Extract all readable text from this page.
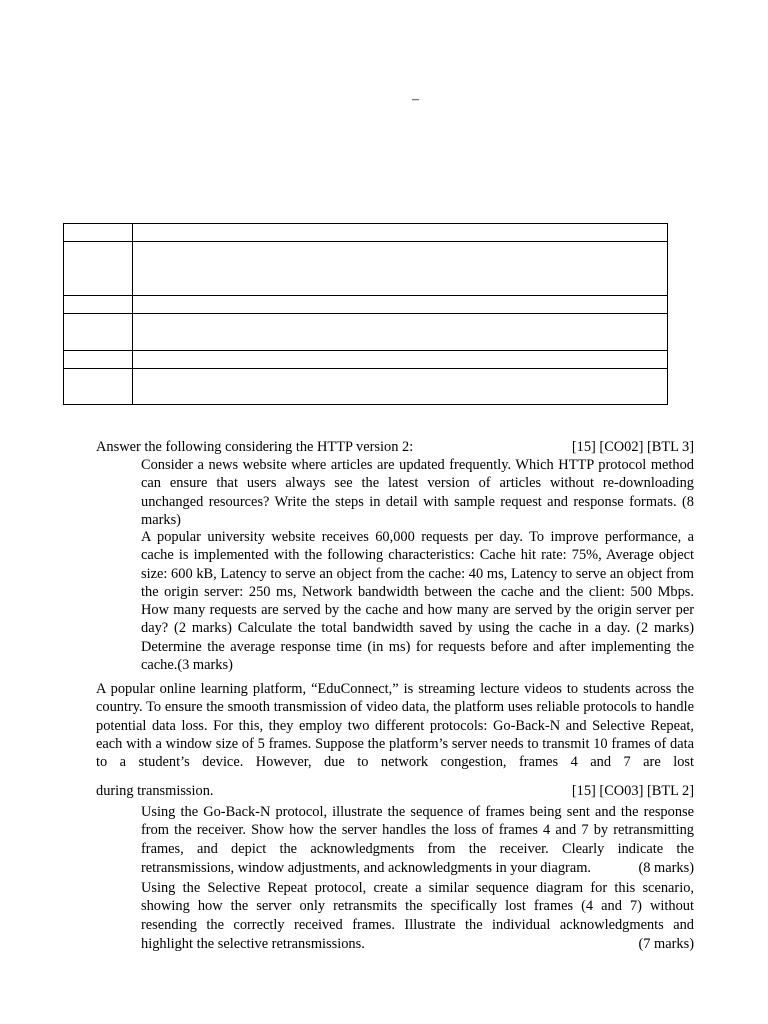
–

Answer the following considering the HTTP version 2:	[15] [CO02] [BTL 3]
Consider a news website where articles are updated frequently. Which HTTP protocol method can ensure that users always see the latest version of articles without re-downloading unchanged resources? Write the steps in detail with sample request and response formats. (8 marks)
A popular university website receives 60,000 requests per day. To improve performance, a cache is implemented with the following characteristics: Cache hit rate: 75%, Average object size: 600 kB, Latency to serve an object from the cache: 40 ms, Latency to serve an object from the origin server: 250 ms, Network bandwidth between the cache and the client: 500 Mbps. How many requests are served by the cache and how many are served by the origin server per day? (2 marks) Calculate the total bandwidth saved by using the cache in a day. (2 marks) Determine the average response time (in ms) for requests before and after implementing the cache.(3 marks)
A popular online learning platform, “EduConnect,” is streaming lecture videos to students across the country. To ensure the smooth transmission of video data, the platform uses reliable protocols to handle potential data loss. For this, they employ two different protocols: Go-Back-N and Selective Repeat, each with a window size of 5 frames. Suppose the platform’s server needs to transmit 10 frames of data to a student’s device. However, due to network congestion, frames 4 and 7 are lost
during transmission.	[15] [CO03] [BTL 2]
Using the Go-Back-N protocol, illustrate the sequence of frames being sent and the response from the receiver. Show how the server handles the loss of frames 4 and 7 by retransmitting frames, and depict the acknowledgments from the receiver. Clearly indicate the
retransmissions, window adjustments, and acknowledgments in your diagram.	(8 marks)
Using the Selective Repeat protocol, create a similar sequence diagram for this scenario, showing how the server only retransmits the specifically lost frames (4 and 7) without resending the correctly received frames. Illustrate the individual acknowledgments and
highlight the selective retransmissions.	(7 marks)
